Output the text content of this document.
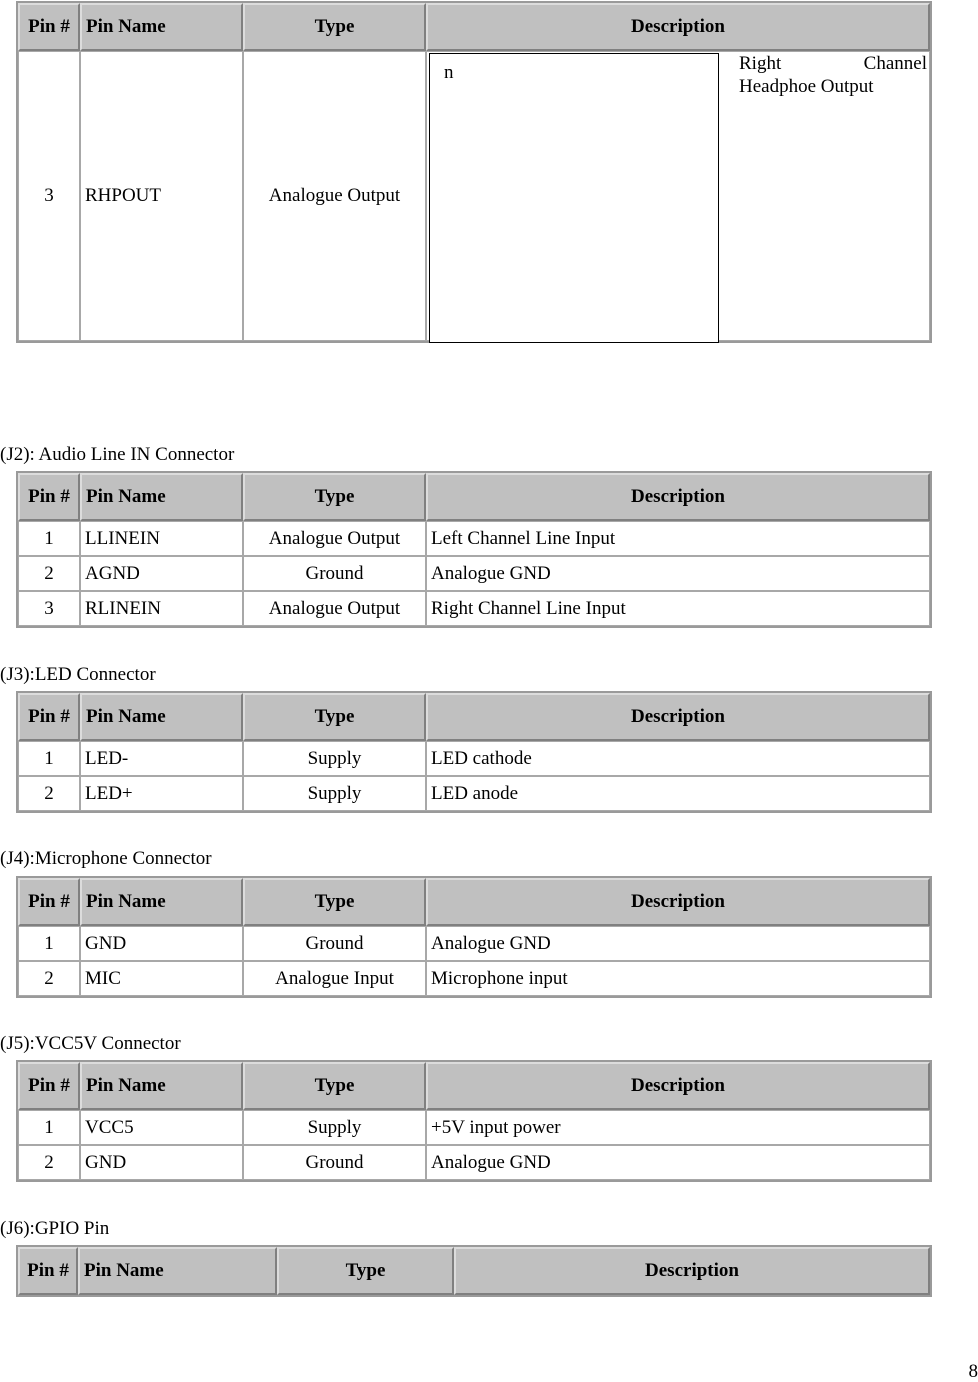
Pin #	Pin Name	Type	Description
3	RHPOUT	Analogue Output	n Right Channel
Headphoe Output
(J2): Audio Line IN Connector
Pin #	Pin Name	Type	Description
1	LLINEIN	Analogue Output	Left Channel Line Input
2	AGND	Ground	Analogue GND
3	RLINEIN	Analogue Output	Right Channel Line Input
(J3):LED Connector
Pin #	Pin Name	Type	Description
1	LED-	Supply	LED cathode
2	LED+	Supply	LED anode
(J4):Microphone Connector
Pin #	Pin Name	Type	Description
1	GND	Ground	Analogue GND
2	MIC	Analogue Input	Microphone input
(J5):VCC5V Connector
Pin #	Pin Name	Type	Description
1	VCC5	Supply	+5V input power
2	GND	Ground	Analogue GND
(J6):GPIO Pin
Pin #	Pin Name	Type	Description
8
